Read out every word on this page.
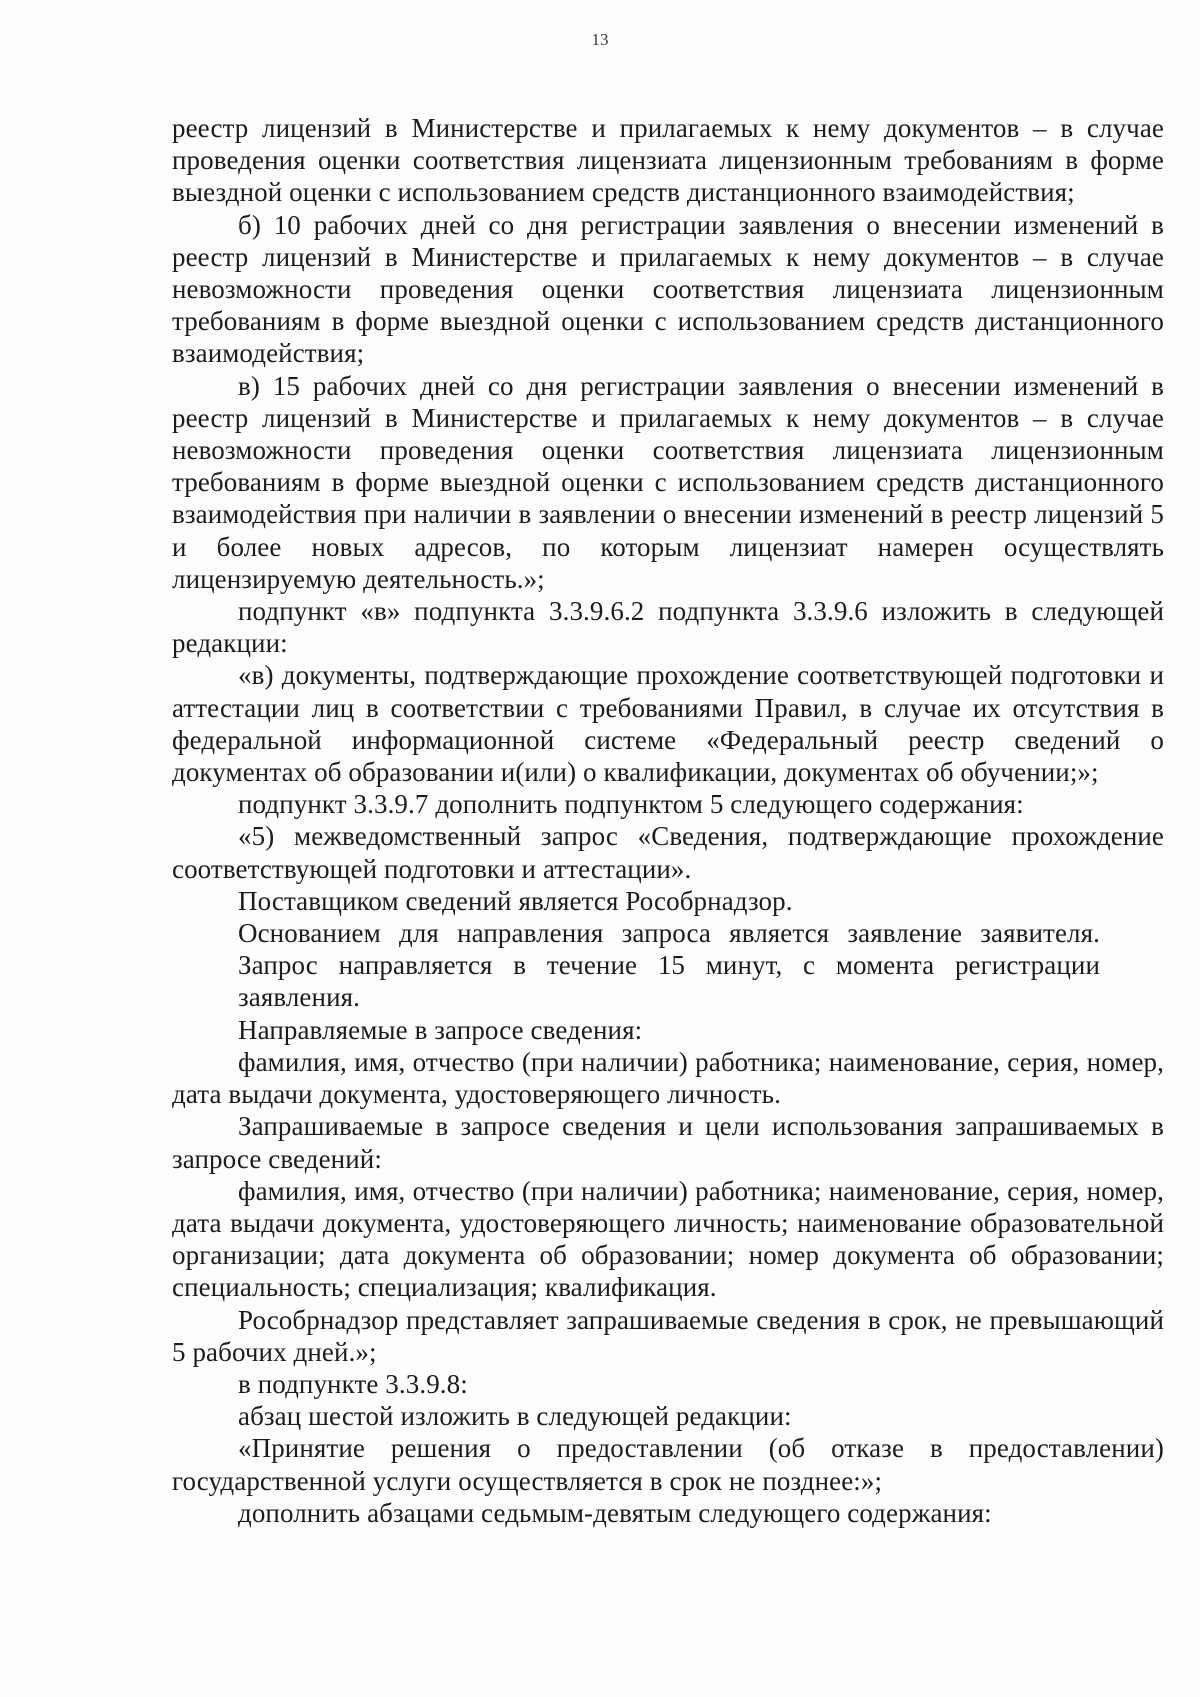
13

реестр лицензий в Министерстве и прилагаемых к нему документов – в случае проведения оценки соответствия лицензиата лицензионным требованиям в форме выездной оценки с использованием средств дистанционного взаимодействия;

б) 10 рабочих дней со дня регистрации заявления о внесении изменений в реестр лицензий в Министерстве и прилагаемых к нему документов – в случае невозможности проведения оценки соответствия лицензиата лицензионным требованиям в форме выездной оценки с использованием средств дистанционного взаимодействия;

в) 15 рабочих дней со дня регистрации заявления о внесении изменений в реестр лицензий в Министерстве и прилагаемых к нему документов – в случае невозможности проведения оценки соответствия лицензиата лицензионным требованиям в форме выездной оценки с использованием средств дистанционного взаимодействия при наличии в заявлении о внесении изменений в реестр лицензий 5 и более новых адресов, по которым лицензиат намерен осуществлять лицензируемую деятельность.»;

подпункт «в» подпункта 3.3.9.6.2 подпункта 3.3.9.6 изложить в следующей редакции:

«в) документы, подтверждающие прохождение соответствующей подготовки и аттестации лиц в соответствии с требованиями Правил, в случае их отсутствия в федеральной информационной системе «Федеральный реестр сведений о документах об образовании и(или) о квалификации, документах об обучении;»;

подпункт 3.3.9.7 дополнить подпунктом 5 следующего содержания:

«5) межведомственный запрос «Сведения, подтверждающие прохождение соответствующей подготовки и аттестации».

Поставщиком сведений является Рособрнадзор.

Основанием для направления запроса является заявление заявителя. Запрос направляется в течение 15 минут, с момента регистрации заявления.

Направляемые в запросе сведения:

фамилия, имя, отчество (при наличии) работника; наименование, серия, номер, дата выдачи документа, удостоверяющего личность.

Запрашиваемые в запросе сведения и цели использования запрашиваемых в запросе сведений:

фамилия, имя, отчество (при наличии) работника; наименование, серия, номер, дата выдачи документа, удостоверяющего личность; наименование образовательной организации; дата документа об образовании; номер документа об образовании; специальность; специализация; квалификация.

Рособрнадзор представляет запрашиваемые сведения в срок, не превышающий 5 рабочих дней.»;

в подпункте 3.3.9.8:

абзац шестой изложить в следующей редакции:

«Принятие решения о предоставлении (об отказе в предоставлении) государственной услуги осуществляется в срок не позднее:»;

дополнить абзацами седьмым-девятым следующего содержания:
